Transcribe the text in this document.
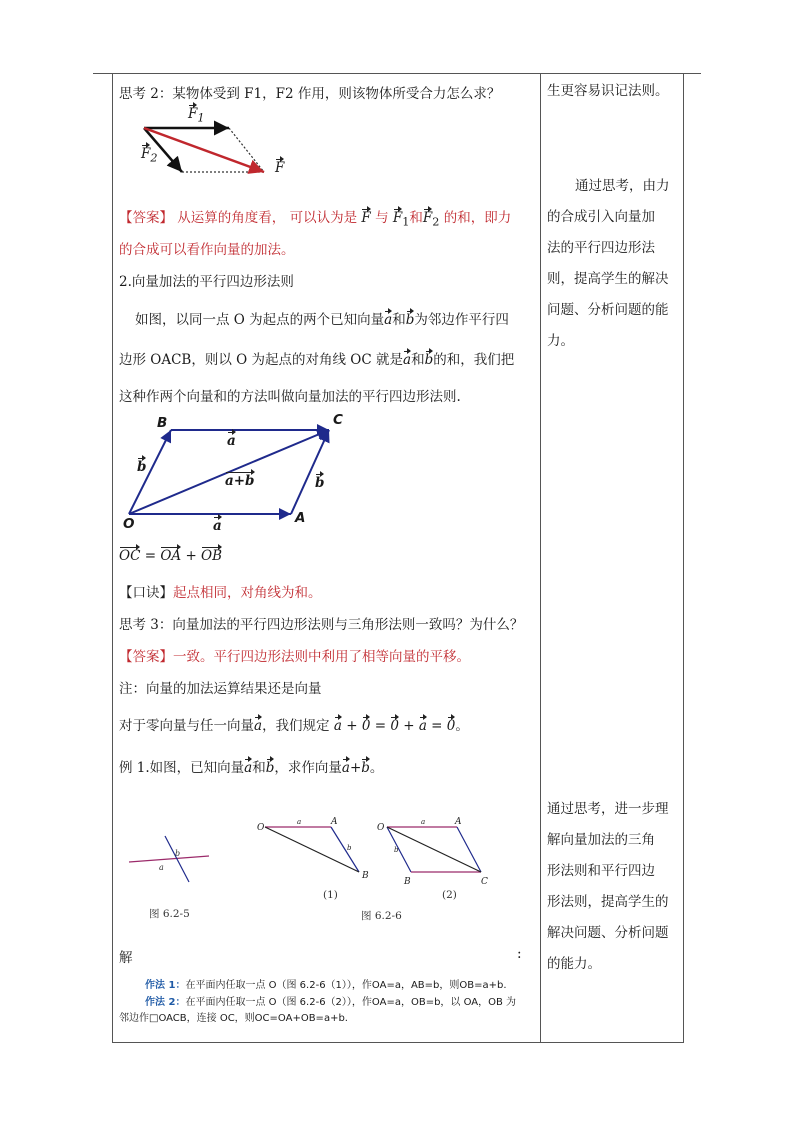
思考 2：某物体受到 F1，F2 作用，则该物体所受合力怎么求？
$F_1$
$F_2$
F
【答案】 从运算的角度看， 可以认为是 F 与 $F_1$和$F_2$ 的和，即力
的合成可以看作向量的加法。
2.向量加法的平行四边形法则
如图，以同一点 O 为起点的两个已知向量a和b为邻边作平行四
边形 OACB，则以 O 为起点的对角线 OC 就是a和b的和，我们把
这种作两个向量和的方法叫做向量加法的平行四边形法则.
B	C
O	A
a
a
b
b
a+b
OC = OA + OB
【口诀】起点相同，对角线为和。
思考 3：向量加法的平行四边形法则与三角形法则一致吗？为什么？
【答案】一致。平行四边形法则中利用了相等向量的平移。
注：向量的加法运算结果还是向量
对于零向量与任一向量a，我们规定 a + 0 = 0 + a = 0。
例 1.如图，已知向量a和b，求作向量a+b。
a
b
O
A
B
a
b
O
A
B	C
a
b
图 6.2-5
(1)	(2)
图 6.2-6
解	:
作法 1：在平面内任取一点 O（图 6.2-6（1）），作OA=a，AB=b，则OB=a+b.
作法 2：在平面内任取一点 O（图 6.2-6（2）），作OA=a，OB=b，以 OA，OB 为
邻边作□OACB，连接 OC，则OC=OA+OB=a+b.
生更容易识记法则。
通过思考，由力
的合成引入向量加
法的平行四边形法
则，提高学生的解决
问题、分析问题的能
力。
通过思考，进一步理
解向量加法的三角
形法则和平行四边
形法则，提高学生的
解决问题、分析问题
的能力。
